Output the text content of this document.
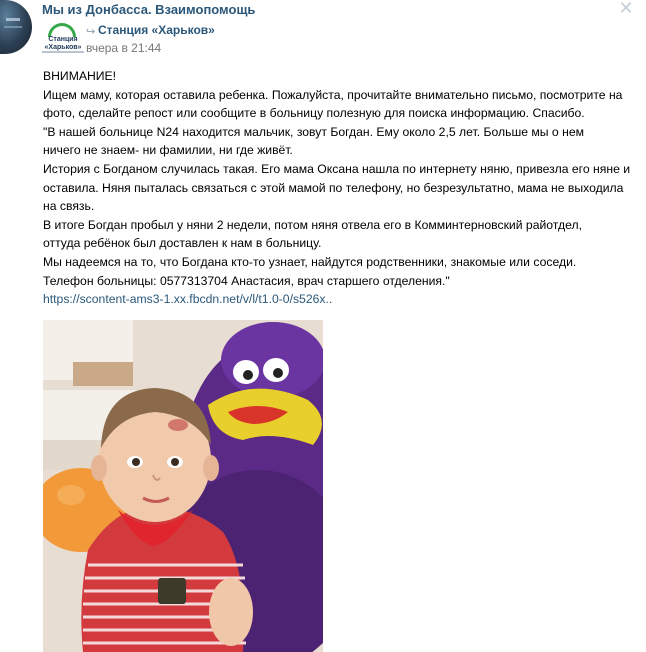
Мы из Донбасса. Взаимопомощь	✕
Станция
«Харьков»
↪ Станция «Харьков»
вчера в 21:44
ВНИМАНИЕ!
Ищем маму, которая оставила ребенка. Пожалуйста, прочитайте внимательно письмо, посмотрите на
фото, сделайте репост или сообщите в больницу полезную для поиска информацию. Спасибо.
"В нашей больнице N24 находится мальчик, зовут Богдан. Ему около 2,5 лет. Больше мы о нем
ничего не знаем- ни фамилии, ни где живёт.
История с Богданом случилась такая. Его мама Оксана нашла по интернету няню, привезла его няне и
оставила. Няня пыталась связаться с этой мамой по телефону, но безрезультатно, мама не выходила
на связь.
В итоге Богдан пробыл у няни 2 недели, потом няня отвела его в Комминтерновский райотдел,
оттуда ребёнок был доставлен к нам в больницу.
Мы надеемся на то, что Богдана кто-то узнает, найдутся родственники, знакомые или соседи.
Телефон больницы: 0577313704 Анастасия, врач старшего отделения."
https://scontent-ams3-1.xx.fbcdn.net/v/l/t1.0-0/s526x..
